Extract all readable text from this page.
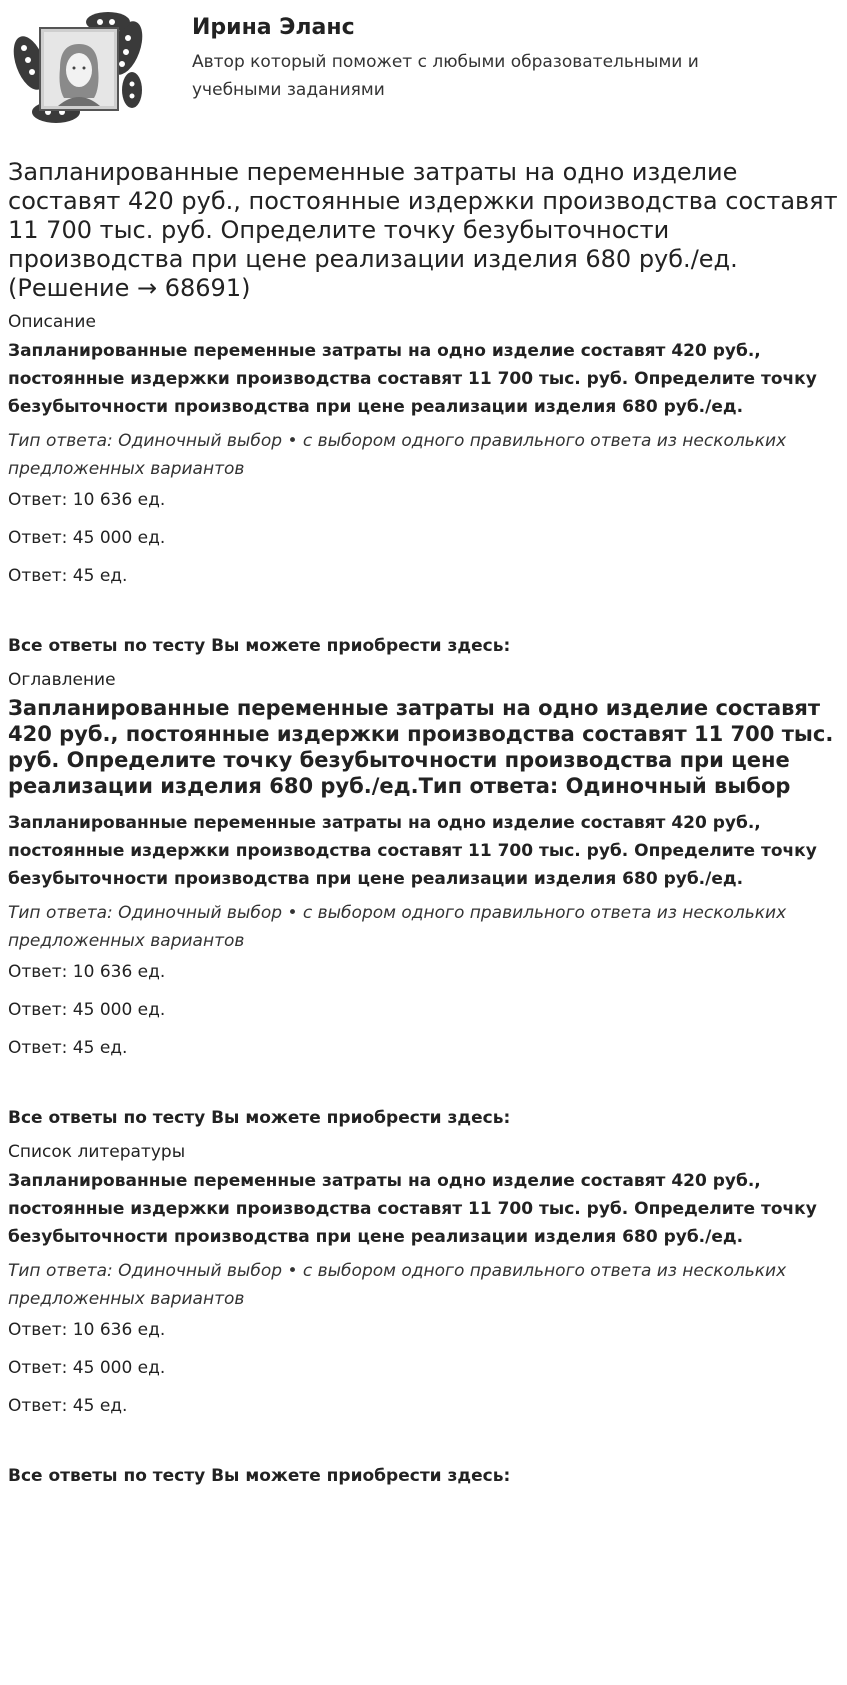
Ирина Эланс
Автор который поможет с любыми образовательными и учебными заданиями
Запланированные переменные затраты на одно изделие составят 420 руб., постоянные издержки производства составят 11 700 тыс. руб. Определите точку безубыточности производства при цене реализации изделия 680 руб./ед. (Решение → 68691)
Описание
Запланированные переменные затраты на одно изделие составят 420 руб., постоянные издержки производства составят 11 700 тыс. руб. Определите точку безубыточности производства при цене реализации изделия 680 руб./ед.
Тип ответа: Одиночный выбор • с выбором одного правильного ответа из нескольких предложенных вариантов
Ответ: 10 636 ед.
Ответ: 45 000 ед.
Ответ: 45 ед.
Все ответы по тесту Вы можете приобрести здесь:
Оглавление
Запланированные переменные затраты на одно изделие составят 420 руб., постоянные издержки производства составят 11 700 тыс. руб. Определите точку безубыточности производства при цене реализации изделия 680 руб./ед.Тип ответа: Одиночный выбор
Запланированные переменные затраты на одно изделие составят 420 руб., постоянные издержки производства составят 11 700 тыс. руб. Определите точку безубыточности производства при цене реализации изделия 680 руб./ед.
Тип ответа: Одиночный выбор • с выбором одного правильного ответа из нескольких предложенных вариантов
Ответ: 10 636 ед.
Ответ: 45 000 ед.
Ответ: 45 ед.
Все ответы по тесту Вы можете приобрести здесь:
Список литературы
Запланированные переменные затраты на одно изделие составят 420 руб., постоянные издержки производства составят 11 700 тыс. руб. Определите точку безубыточности производства при цене реализации изделия 680 руб./ед.
Тип ответа: Одиночный выбор • с выбором одного правильного ответа из нескольких предложенных вариантов
Ответ: 10 636 ед.
Ответ: 45 000 ед.
Ответ: 45 ед.
Все ответы по тесту Вы можете приобрести здесь:
